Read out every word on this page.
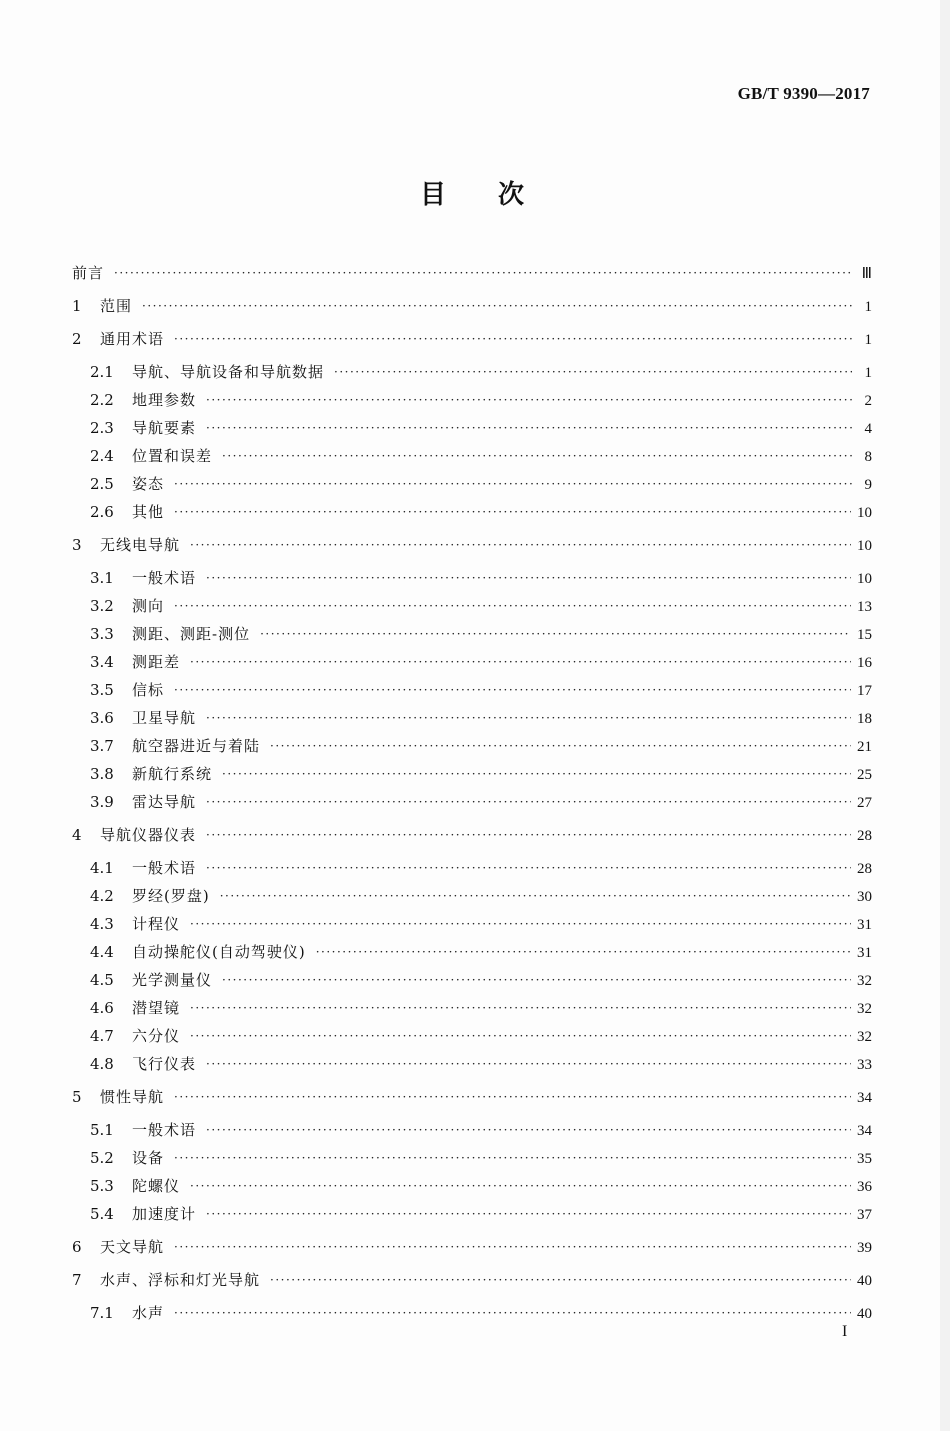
GB/T 9390—2017
目次
前言 ·····	Ⅲ
1	范围 ·····	1
2	通用术语 ·····	1
2.1	导航、导航设备和导航数据 ·····	1
2.2	地理参数 ·····	2
2.3	导航要素 ·····	4
2.4	位置和误差 ·····	8
2.5	姿态 ·····	9
2.6	其他 ·····	10
3	无线电导航 ·····	10
3.1	一般术语 ·····	10
3.2	测向 ·····	13
3.3	测距、测距-测位 ·····	15
3.4	测距差 ·····	16
3.5	信标 ·····	17
3.6	卫星导航 ·····	18
3.7	航空器进近与着陆 ·····	21
3.8	新航行系统 ·····	25
3.9	雷达导航 ·····	27
4	导航仪器仪表 ·····	28
4.1	一般术语 ·····	28
4.2	罗经(罗盘) ·····	30
4.3	计程仪 ·····	31
4.4	自动操舵仪(自动驾驶仪) ·····	31
4.5	光学测量仪 ·····	32
4.6	潜望镜 ·····	32
4.7	六分仪 ·····	32
4.8	飞行仪表 ·····	33
5	惯性导航 ·····	34
5.1	一般术语 ·····	34
5.2	设备 ·····	35
5.3	陀螺仪 ·····	36
5.4	加速度计 ·····	37
6	天文导航 ·····	39
7	水声、浮标和灯光导航 ·····	40
7.1	水声 ·····	40
I
